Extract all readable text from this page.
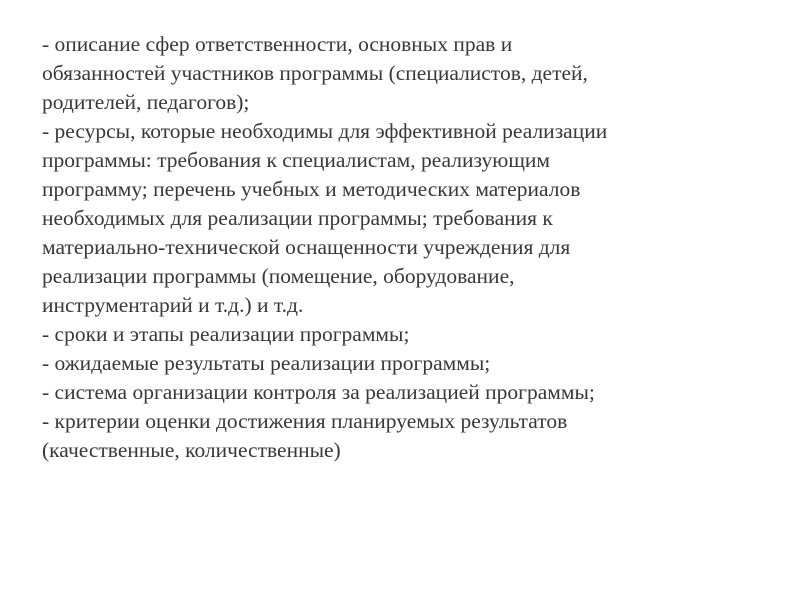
- описание сфер ответственности, основных прав и
обязанностей участников программы (специалистов, детей,
родителей, педагогов);
- ресурсы, которые необходимы для эффективной реализации
программы: требования к специалистам, реализующим
программу; перечень учебных и методических материалов
необходимых для реализации программы; требования к
материально-технической оснащенности учреждения для
реализации программы (помещение, оборудование,
инструментарий и т.д.) и т.д.
- сроки и этапы реализации программы;
- ожидаемые результаты реализации программы;
- система организации контроля за реализацией программы;
- критерии оценки достижения планируемых результатов
(качественные, количественные)
